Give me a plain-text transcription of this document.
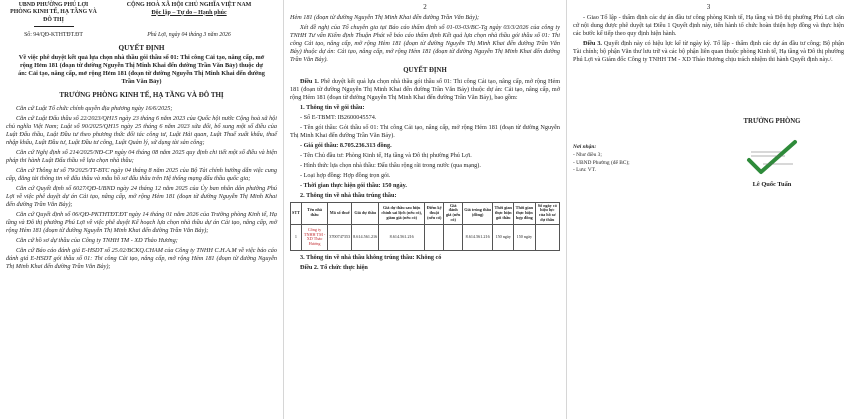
UBND PHƯỜNG PHÚ LỢI
PHÒNG KINH TẾ, HẠ TẦNG VÀ ĐÔ THỊ
CỘNG HOÀ XÃ HỘI CHỦ NGHĨA VIỆT NAM
Độc lập – Tự do – Hạnh phúc
Số: 94/QĐ-KTHTĐT.ĐT	Phú Lợi, ngày 04 tháng 3 năm 2026
QUYẾT ĐỊNH
Về việc phê duyệt kết quả lựa chọn nhà thầu gói thầu số 01: Thi công Cải tạo, nâng cấp, mở rộng Hẻm 181 (đoạn từ đường Nguyễn Thị Minh Khai đến đường Trần Văn Bảy) thuộc dự án: Cải tạo, nâng cấp, mở rộng Hẻm 181 (đoạn từ đường Nguyễn Thị Minh Khai đến đường Trần Văn Bảy)
TRƯỞNG PHÒNG KINH TẾ, HẠ TẦNG VÀ ĐÔ THỊ
Căn cứ Luật Tổ chức chính quyền địa phương ngày 16/6/2025;
Căn cứ Luật Đấu thầu số 22/2023/QH15 ngày 23 tháng 6 năm 2023 của Quốc hội nước Cộng hoà xã hội chủ nghĩa Việt Nam; Luật số 90/2025/QH15 ngày 25 tháng 6 năm 2023 sửa đổi, bổ sung một số điều của Luật Đấu thầu, Luật Đầu tư theo phương thức đối tác công tư, Luật Hải quan, Luật Thuế xuất khẩu, thuế nhập khẩu, Luật Đầu tư, Luật Đầu tư công, Luật Quản lý, sử dụng tài sản công;
Căn cứ Nghị định số 214/2025/NĐ-CP ngày 04 tháng 08 năm 2025 quy định chi tiết một số điều và biện pháp thi hành Luật Đấu thầu về lựa chọn nhà thầu;
Căn cứ Thông tư số 79/2025/TT-BTC ngày 04 tháng 8 năm 2025 của Bộ Tài chính hướng dẫn việc cung cấp, đăng tải thông tin về đấu thầu và mẫu hồ sơ đấu thầu trên Hệ thống mạng đấu thầu quốc gia;
Căn cứ Quyết định số 6027/QĐ-UBND ngày 24 tháng 12 năm 2025 của Ủy ban nhân dân phường Phú Lợi về việc phê duyệt dự án Cải tạo, nâng cấp, mở rộng Hẻm 181 (đoạn từ đường Nguyễn Thị Minh Khai đến đường Trần Văn Bảy);
Căn cứ Quyết định số 06/QĐ-PKTHTĐT.ĐT ngày 14 tháng 01 năm 2026 của Trưởng phòng Kinh tế, Hạ tầng và Đô thị phường Phú Lợi về việc phê duyệt Kế hoạch lựa chọn nhà thầu dự án Cải tạo, nâng cấp, mở rộng Hẻm 181 (đoạn từ đường Nguyễn Thị Minh Khai đến đường Trần Văn Bảy);
Căn cứ hồ sơ dự thầu của Công ty TNHH TM - XD Thảo Hương;
Căn cứ Báo cáo đánh giá E-HSDT số 25.02/BCKQ.CHAM của Công ty TNHH C.H.A.M về việc báo cáo đánh giá E-HSDT gói thầu số 01: Thi công Cải tạo, nâng cấp, mở rộng Hẻm 181 (đoạn từ đường Nguyễn Thị Minh Khai đến đường Trần Văn Bảy);
2
Hẻm 181 (đoạn từ đường Nguyễn Thị Minh Khai đến đường Trần Văn Bảy);
Xét đề nghị của Tổ chuyên gia tại Báo cáo thẩm định số 01-03-03/BC-Tg ngày 03/3/2026 của công ty TNHH Tư vấn Kiểm định Thuận Phát về báo cáo thẩm định Kết quả lựa chọn nhà thầu gói thầu số 01: Thi công Cải tạo, nâng cấp, mở rộng Hẻm 181 (đoạn từ đường Nguyễn Thị Minh Khai đến đường Trần Văn Bảy) thuộc dự án: Cải tạo, nâng cấp, mở rộng Hẻm 181 (đoạn từ đường Nguyễn Thị Minh Khai đến đường Trần Văn Bảy).
QUYẾT ĐỊNH
Điều 1. Phê duyệt kết quả lựa chọn nhà thầu gói thầu số 01: Thi công Cải tạo, nâng cấp, mở rộng Hẻm 181 (đoạn từ đường Nguyễn Thị Minh Khai đến đường Trần Văn Bảy) thuộc dự án: Cải tạo, nâng cấp, mở rộng Hẻm 181 (đoạn từ đường Nguyễn Thị Minh Khai đến đường Trần Văn Bảy), bao gồm:
1. Thông tin về gói thầu:
- Số E-TBMT: IB2600045574.
- Tên gói thầu: Gói thầu số 01: Thi công Cải tạo, nâng cấp, mở rộng Hẻm 181 (đoạn từ đường Nguyễn Thị Minh Khai đến đường Trần Văn Bảy).
- Giá gói thầu: 8.705.236.313 đồng.
- Tên Chủ đầu tư: Phòng Kinh tế, Hạ tầng và Đô thị phường Phú Lợi.
- Hình thức lựa chọn nhà thầu: Đấu thầu rộng rãi trong nước (qua mạng).
- Loại hợp đồng: Hợp đồng trọn gói.
- Thời gian thực hiện gói thầu: 150 ngày.
2. Thông tin về nhà thầu trúng thầu:
STT	Tên nhà thầu	Mã số thuế	Giá dự thầu	Giá dự thầu sau hiệu chỉnh sai lệch (nếu có), giảm giá (nếu có)	Điểm kỹ thuật (nếu có)	Giá đánh giá (nếu có)	Giá trúng thầu (đồng)	Thời gian thực hiện gói thầu	Thời gian thực hiện hợp đồng	Số ngày có hiệu lực của hồ sơ dự thầu
1	Công ty TNHH TM - XD Thảo Hương	3700747353	8.614.561.216	8.614.561.216			8.614.561.216	150 ngày	150 ngày	
3. Thông tin về nhà thầu không trúng thầu: Không có
Điều 2. Tổ chức thực hiện
3
- Giao Tổ lập - thẩm định các dự án đầu tư công phòng Kinh tế, Hạ tầng và Đô thị phường Phú Lợi căn cứ nội dung được phê duyệt tại Điều 1 Quyết định này, tiến hành tổ chức hoàn thiện hợp đồng và thực hiện các bước kế tiếp theo quy định hiện hành.
Điều 3. Quyết định này có hiệu lực kể từ ngày ký. Tổ lập - thẩm định các dự án đầu tư công; Bộ phận Tài chính; bộ phận Văn thư lưu trữ và các bộ phận liên quan thuộc phòng Kinh tế, Hạ tầng và Đô thị phường Phú Lợi và Giám đốc Công ty TNHH TM - XD Thảo Hương chịu trách nhiệm thi hành Quyết định này./.
TRƯỞNG PHÒNG
Nơi nhận:
- Như điều 3;
- UBND Phường (để BC);
- Lưu: VT.
Lê Quốc Tuấn
